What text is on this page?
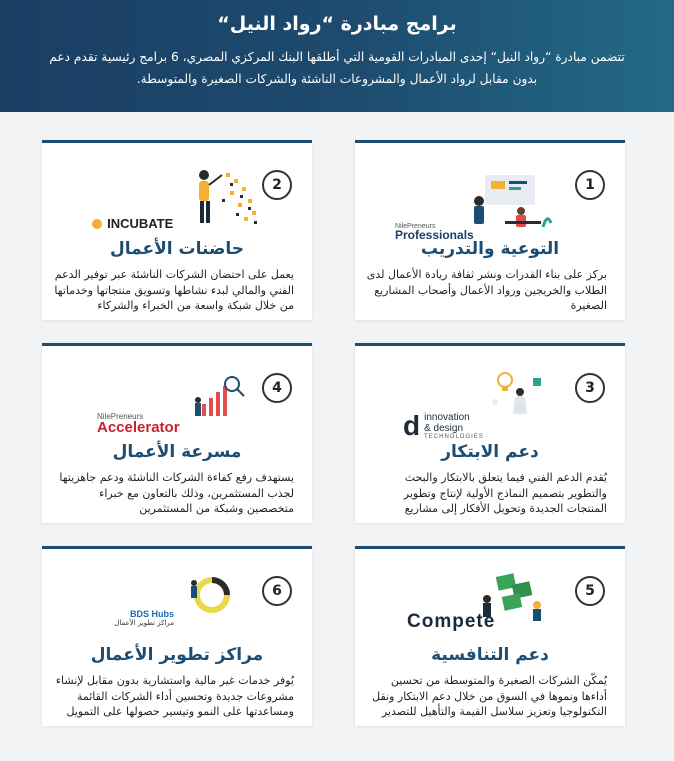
برامج مبادرة “رواد النيل“

تتضمن مبادرة “رواد النيل“ إحدى المبادرات القومية التي أطلقها البنك المركزي المصري، 6 برامج رئيسية تقدم دعم بدون مقابل لرواد الأعمال والمشروعات الناشئة والشركات الصغيرة والمتوسطة.

1
NilePreneurs
Professionals
التوعية والتدريب
بركز على بناء القدرات ونشر ثقافة ريادة الأعمال لدى الطلاب والخريجين ورواد الأعمال وأصحاب المشاريع الصغيرة
2
INCUBATE
حاضنات الأعمال
يعمل على احتضان الشركات الناشئة عبر توفير الدعم الفني والمالي لبدء نشاطها وتسويق منتجاتها وخدماتها من خلال شبكة واسعة من الخبراء والشركاء
3
d innovation
& design
TECHNOLOGIES
دعم الابتكار
يُقدم الدعم الفني فيما يتعلق بالابتكار والبحث والتطوير بتصميم النماذج الأولية لإنتاج وتطوير المنتجات الجديدة وتحويل الأفكار إلى مشاريع
4
NilePreneurs
Accelerator
مسرعة الأعمال
يستهدف رفع كفاءة الشركات الناشئة ودعم جاهزيتها لجذب المستثمرين، وذلك بالتعاون مع خبراء متخصصين وشبكة من المستثمرين
5
Compete
دعم التنافسية
يُمكّن الشركات الصغيرة والمتوسطة من تحسين أداءها ونموها في السوق من خلال دعم الابتكار ونقل التكنولوجيا وتعزيز سلاسل القيمة والتأهيل للتصدير
6
BDS Hubs
مراكز تطوير الأعمال
مراكز تطوير الأعمال
يُوفر خدمات غير مالية واستشارية بدون مقابل لإنشاء مشروعات جديدة وتحسين أداء الشركات القائمة ومساعدتها على النمو وتيسير حصولها على التمويل
